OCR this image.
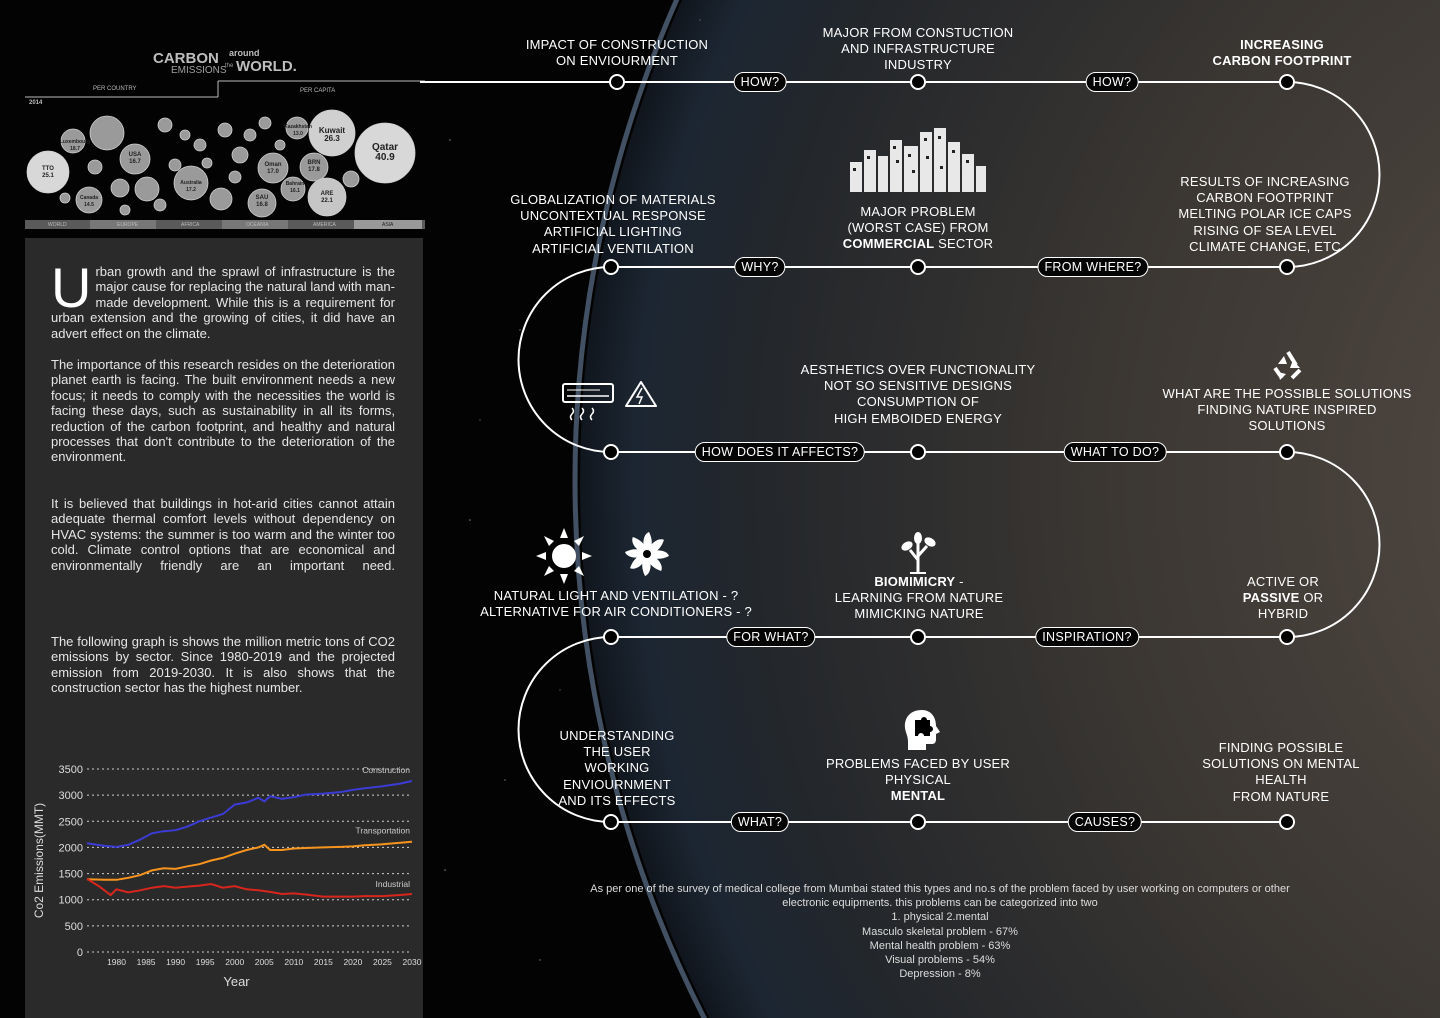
CARBON around
EMISSIONS
the WORLD.
PER COUNTRY	PER CAPITA
2014
WORLD	EUROPE	AFRICA	OCEANIA	AMERICA	ASIA
Qatar
40.9
Kuwait
26.3
TTO
25.1
ARE
22.1
Luxembourg
18.7
USA
16.7
Australia
17.2
Oman
17.0
BRN
17.8
SAU
16.8
Bahrain
16.1
Canada
14.5
Kazakhstan
13.0
Urban growth and the sprawl of infrastructure is the major cause for replacing the natural land with man-made development. While this is a requirement for urban extension and the growing of cities, it did have an advert effect on the climate.
The importance of this research resides on the deterioration planet earth is facing. The built environment needs a new focus; it needs to comply with the necessities the world is facing these days, such as sustainability in all its forms, reduction of the carbon footprint, and healthy and natural processes that don't contribute to the deterioration of the environment.
It is believed that buildings in hot-arid cities cannot attain adequate thermal comfort levels without dependency on HVAC systems: the summer is too warm and the winter too cold. Climate control options that are economical and environmentally friendly are an important need.
The following graph is shows the million metric tons of CO2 emissions by sector. Since 1980-2019 and the projected emission from 2019-2030. It is also shows that the construction sector has the highest number.
3500
3000
2500
2000
1500
1000
500
0
1980 1985 1990 1995 2000 2005 2010 2015 2020 2025 2030
Construction
Transportation
Industrial
Year
Co2 Emissions(MMT)
HOW?	HOW?
WHY?	FROM WHERE?
HOW DOES IT AFFECTS?	WHAT TO DO?
FOR WHAT?	INSPIRATION?
WHAT?	CAUSES?
IMPACT OF CONSTRUCTION
ON ENVIOURMENT
MAJOR FROM CONSTUCTION
AND INFRASTRUCTURE
INDUSTRY
INCREASING
CARBON FOOTPRINT
GLOBALIZATION OF MATERIALS
UNCONTEXTUAL RESPONSE
ARTIFICIAL LIGHTING
ARTIFICIAL VENTILATION
MAJOR PROBLEM
(WORST CASE) FROM
COMMERCIAL SECTOR
RESULTS OF INCREASING
CARBON FOOTPRINT
MELTING POLAR ICE CAPS
RISING OF SEA LEVEL
CLIMATE CHANGE, ETC
AESTHETICS OVER FUNCTIONALITY
NOT SO SENSITIVE DESIGNS
CONSUMPTION OF
HIGH EMBOIDED ENERGY
WHAT ARE THE POSSIBLE SOLUTIONS
FINDING NATURE INSPIRED
SOLUTIONS
NATURAL LIGHT AND VENTILATION - ?
ALTERNATIVE FOR AIR CONDITIONERS - ?
BIOMIMICRY -
LEARNING FROM NATURE
MIMICKING NATURE
ACTIVE OR
PASSIVE OR
HYBRID
UNDERSTANDING
THE USER
WORKING
ENVIOURNMENT
AND ITS EFFECTS
PROBLEMS FACED BY USER
PHYSICAL
MENTAL
FINDING POSSIBLE
SOLUTIONS ON MENTAL
HEALTH
FROM NATURE
As per one of the survey of medical college from Mumbai stated this types and no.s of the problem faced by user working on computers or other
electronic equipments. this problems can be categorized into two
1. physical 2.mental
Masculo skeletal problem - 67%
Mental health problem - 63%
Visual problems - 54%
Depression - 8%
